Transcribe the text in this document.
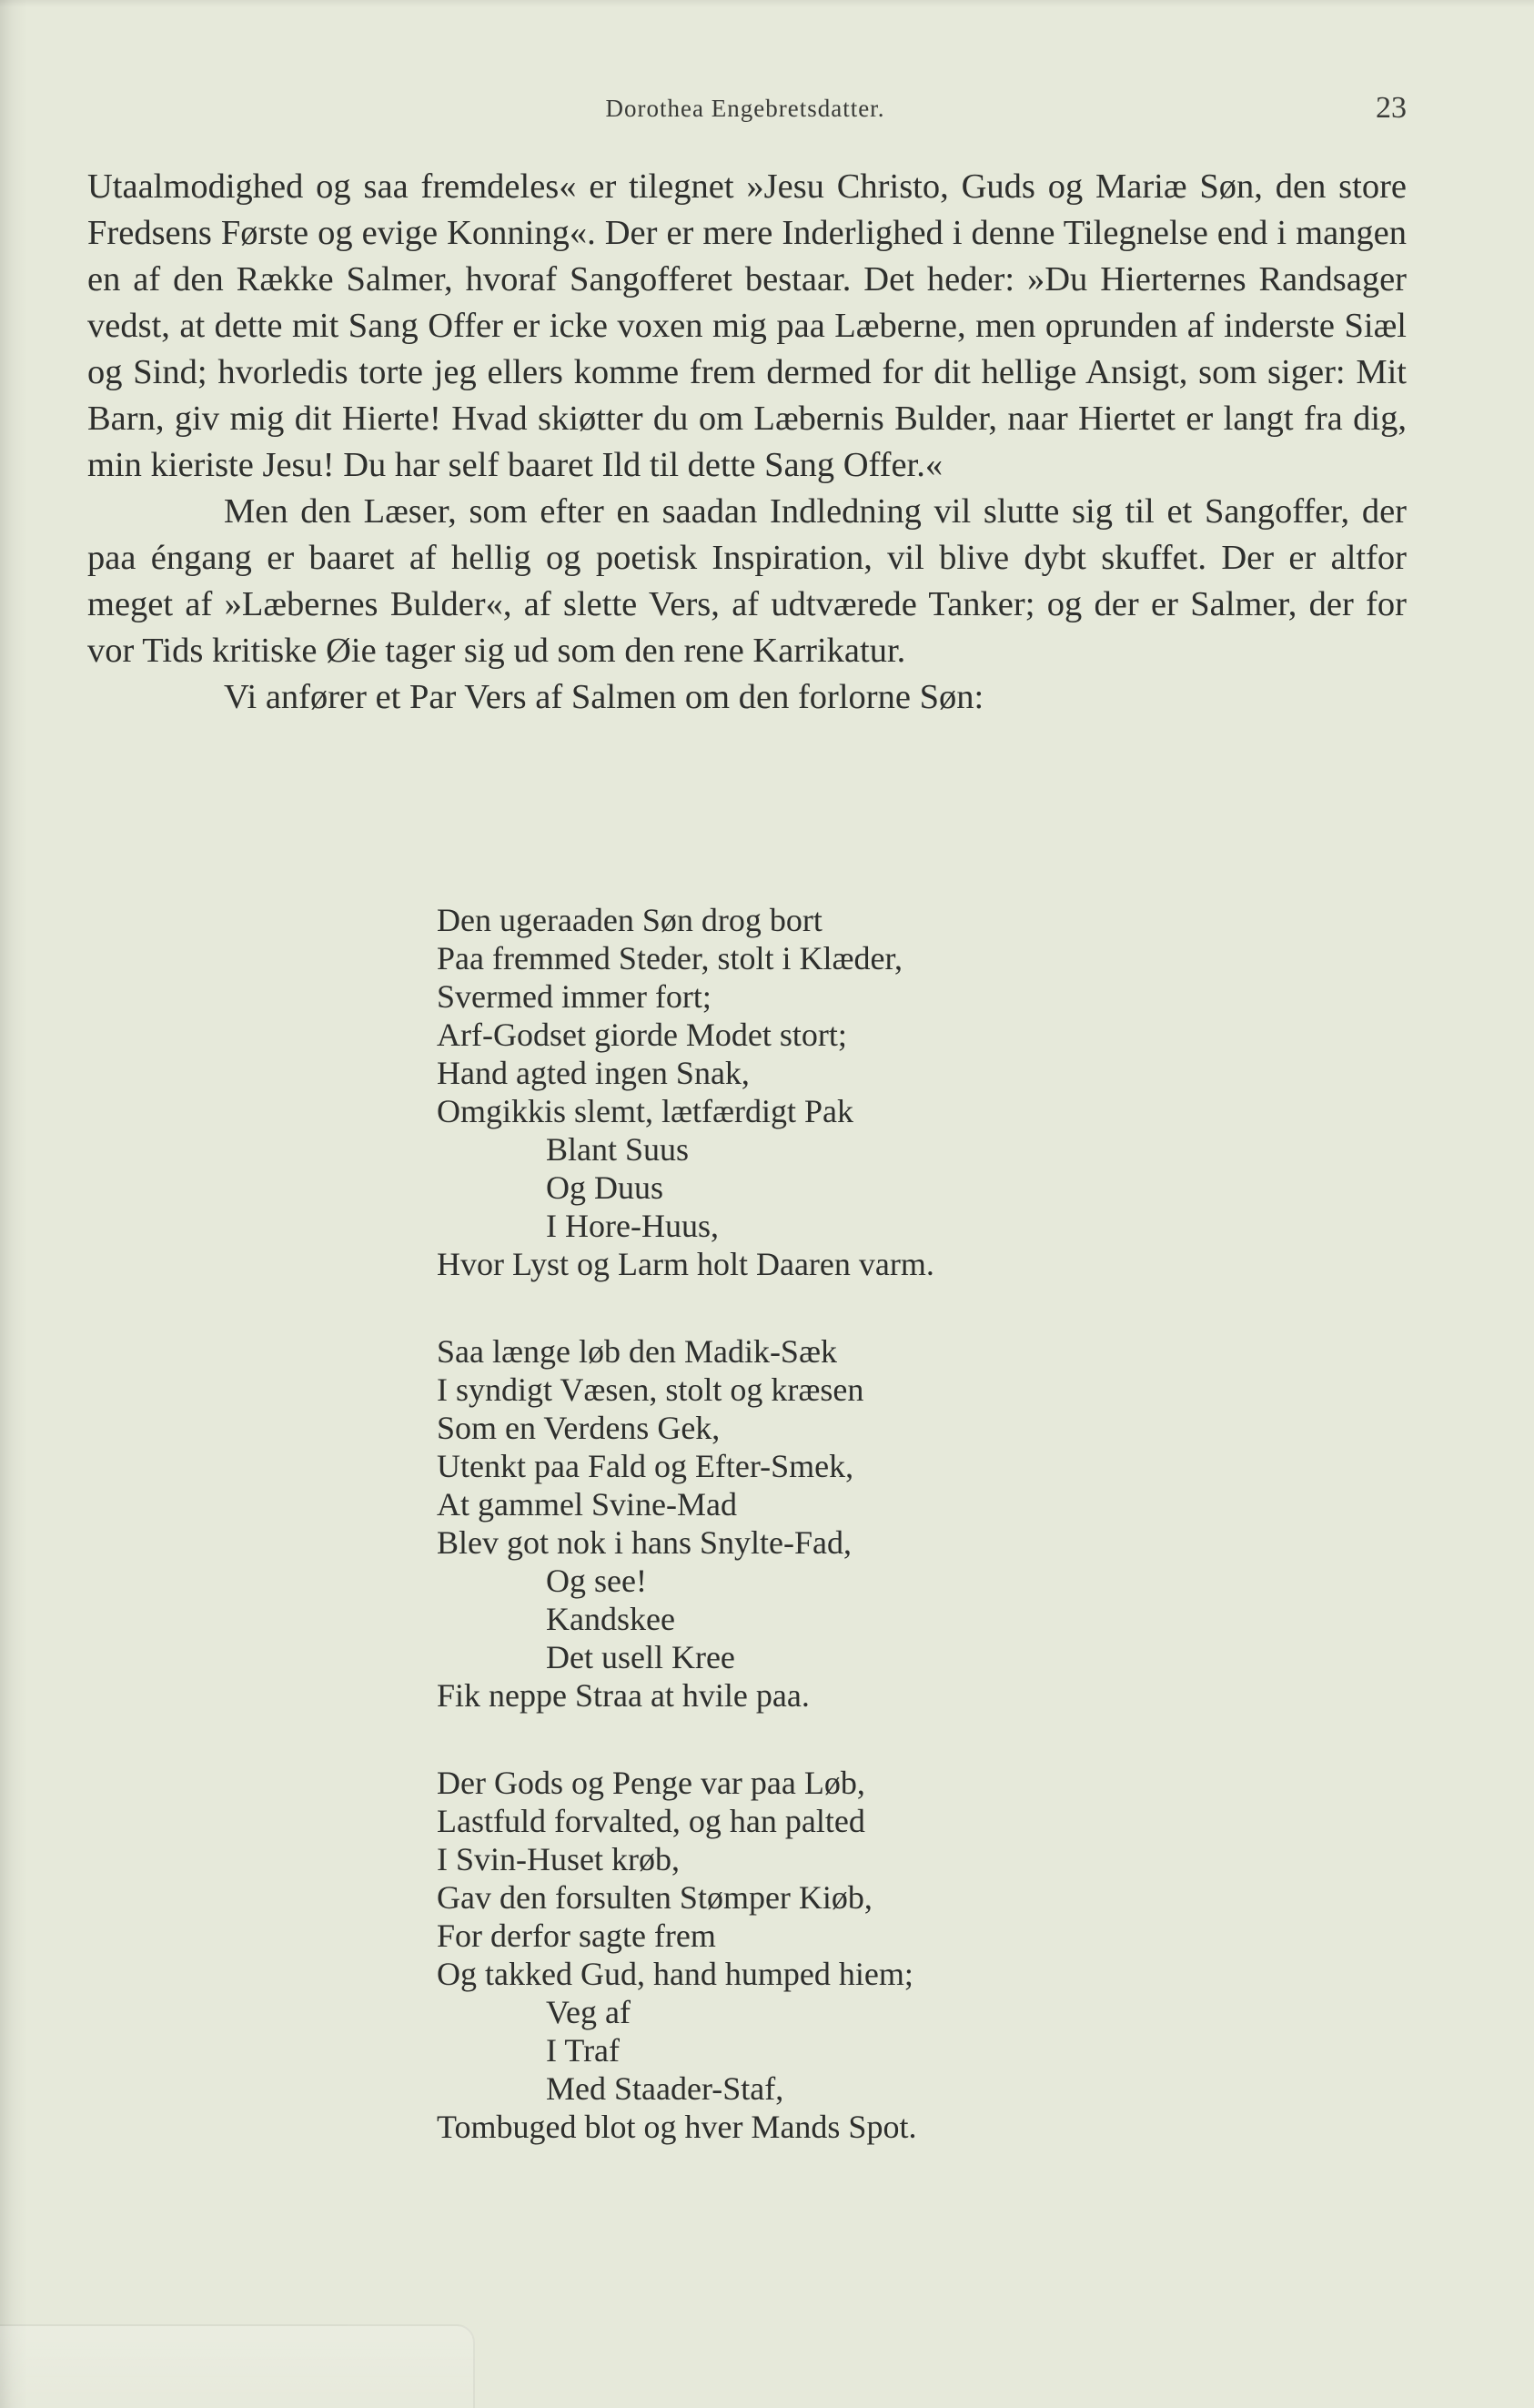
Dorothea Engebretsdatter.	23

Utaalmodighed og saa fremdeles« er tilegnet »Jesu Christo, Guds og Mariæ Søn, den store Fredsens Første og evige Konning«. Der er mere Inderlighed i denne Tilegnelse end i mangen en af den Række Salmer, hvoraf Sangofferet bestaar. Det heder: »Du Hierternes Randsager vedst, at dette mit Sang Offer er icke voxen mig paa Læberne, men oprunden af inderste Siæl og Sind; hvorledis torte jeg ellers komme frem dermed for dit hellige Ansigt, som siger: Mit Barn, giv mig dit Hierte! Hvad skiøtter du om Læbernis Bulder, naar Hiertet er langt fra dig, min kieriste Jesu! Du har self baaret Ild til dette Sang Offer.«

Men den Læser, som efter en saadan Indledning vil slutte sig til et Sangoffer, der paa éngang er baaret af hellig og poetisk Inspiration, vil blive dybt skuffet. Der er altfor meget af »Læbernes Bulder«, af slette Vers, af udtværede Tanker; og der er Salmer, der for vor Tids kritiske Øie tager sig ud som den rene Karrikatur.

Vi anfører et Par Vers af Salmen om den forlorne Søn:

Den ugeraaden Søn drog bort
Paa fremmed Steder, stolt i Klæder,
Svermed immer fort;
Arf-Godset giorde Modet stort;
Hand agted ingen Snak,
Omgikkis slemt, lætfærdigt Pak
Blant Suus
Og Duus
I Hore-Huus,
Hvor Lyst og Larm holt Daaren varm.
Saa længe løb den Madik-Sæk
I syndigt Væsen, stolt og kræsen
Som en Verdens Gek,
Utenkt paa Fald og Efter-Smek,
At gammel Svine-Mad
Blev got nok i hans Snylte-Fad,
Og see!
Kandskee
Det usell Kree
Fik neppe Straa at hvile paa.
Der Gods og Penge var paa Løb,
Lastfuld forvalted, og han palted
I Svin-Huset krøb,
Gav den forsulten Stømper Kiøb,
For derfor sagte frem
Og takked Gud, hand humped hiem;
Veg af
I Traf
Med Staader-Staf,
Tombuged blot og hver Mands Spot.
